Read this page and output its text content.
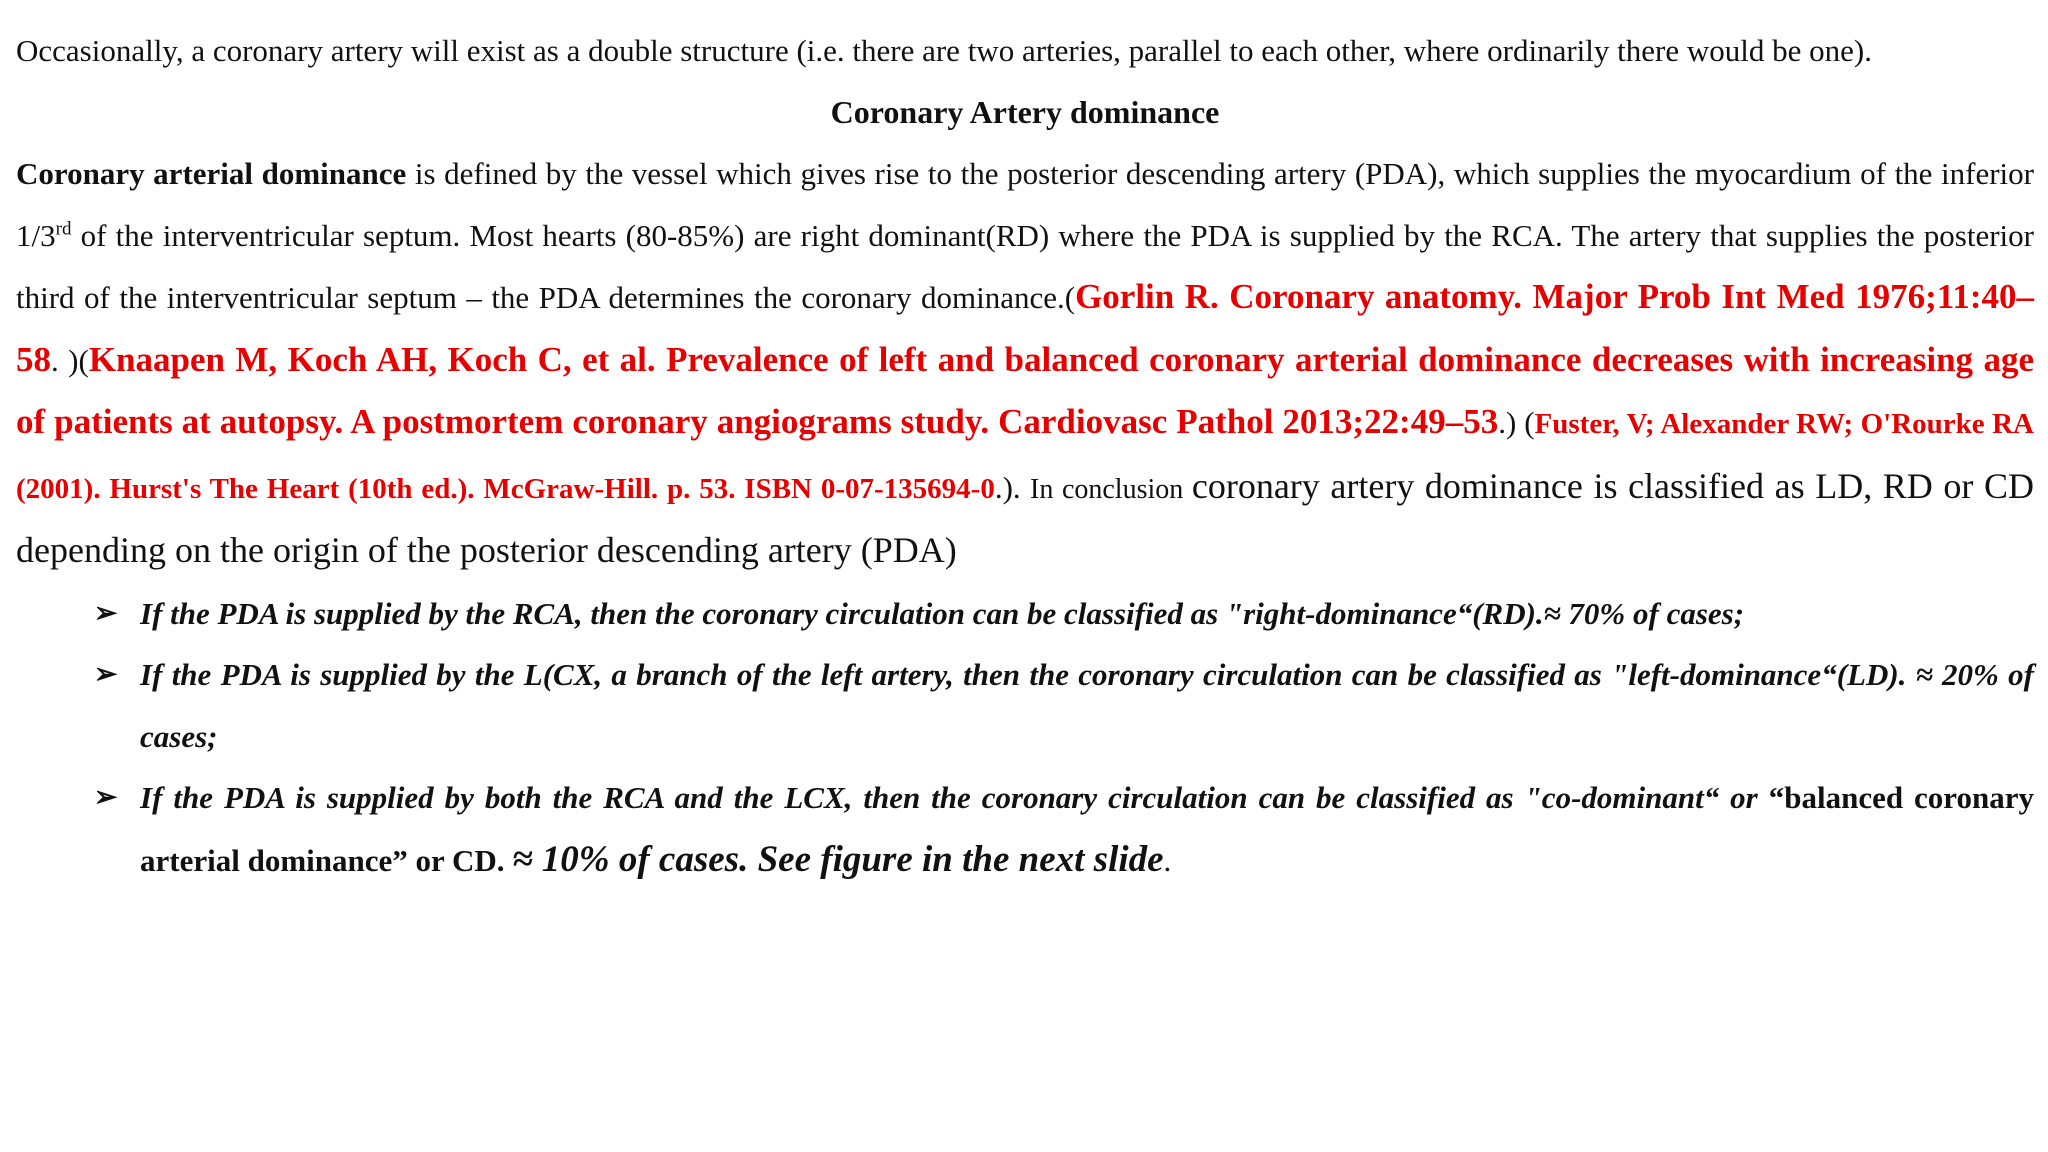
Occasionally, a coronary artery will exist as a double structure (i.e. there are two arteries, parallel to each other, where ordinarily there would be one).

Coronary Artery dominance

Coronary arterial dominance is defined by the vessel which gives rise to the posterior descending artery (PDA), which supplies the myocardium of the inferior 1/3rd of the interventricular septum. Most hearts (80-85%) are right dominant(RD) where the PDA is supplied by the RCA. The artery that supplies the posterior third of the interventricular septum – the PDA determines the coronary dominance.(Gorlin R. Coronary anatomy. Major Prob Int Med 1976;11:40–58. )(Knaapen M, Koch AH, Koch C, et al. Prevalence of left and balanced coronary arterial dominance decreases with increasing age of patients at autopsy. A postmortem coronary angiograms study. Cardiovasc Pathol 2013;22:49–53.) (Fuster, V; Alexander RW; O'Rourke RA (2001). Hurst's The Heart (10th ed.). McGraw-Hill. p. 53. ISBN 0-07-135694-0.). In conclusion coronary artery dominance is classified as LD, RD or CD depending on the origin of the posterior descending artery (PDA)

➢ If the PDA is supplied by the RCA, then the coronary circulation can be classified as "right-dominance“(RD).≈ 70% of cases;
➢ If the PDA is supplied by the L(CX, a branch of the left artery, then the coronary circulation can be classified as "left-dominance“(LD). ≈ 20% of cases;
➢ If the PDA is supplied by both the RCA and the LCX, then the coronary circulation can be classified as "co-dominant“ or “balanced coronary arterial dominance” or CD. ≈ 10% of cases. See figure in the next slide.
